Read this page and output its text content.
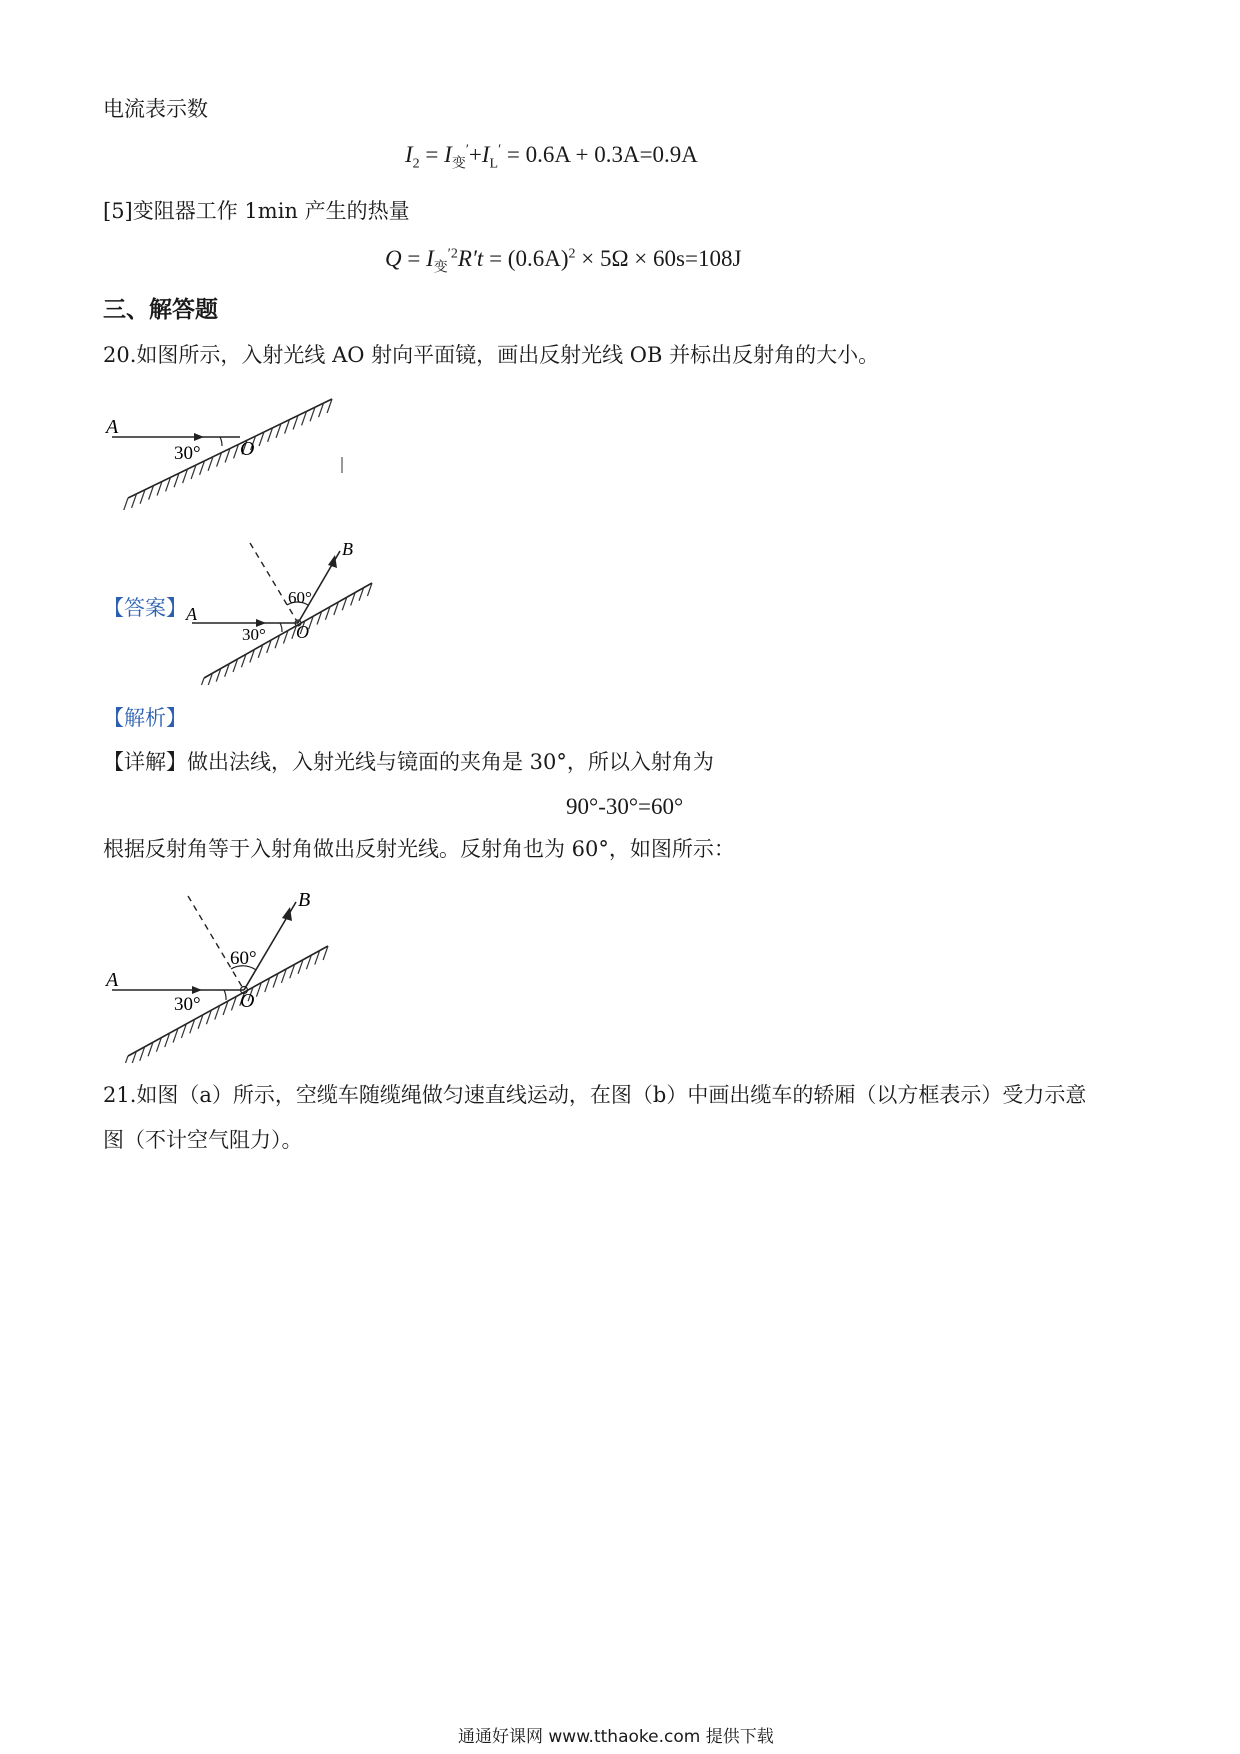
电流表示数
$I_2 = I_变'+I_L' = 0.6A + 0.3A=0.9A$
[5]变阻器工作 1min 产生的热量
$Q = I_变^{'2}R't = (0.6A)^2 \times 5\Omega \times 60s=108J$
三、解答题
20.如图所示，入射光线 AO 射向平面镜，画出反射光线 OB 并标出反射角的大小。
A
30° O
【答案】 A
30° O
B
60°
【解析】
【详解】做出法线，入射光线与镜面的夹角是 30°，所以入射角为
90°-30°=60°
根据反射角等于入射角做出反射光线。反射角也为 60°，如图所示：
A
30° O
B
60°
21.如图（a）所示，空缆车随缆绳做匀速直线运动，在图（b）中画出缆车的轿厢（以方框表示）受力示意
图（不计空气阻力）。
通通好课网 www.tthaoke.com 提供下载
